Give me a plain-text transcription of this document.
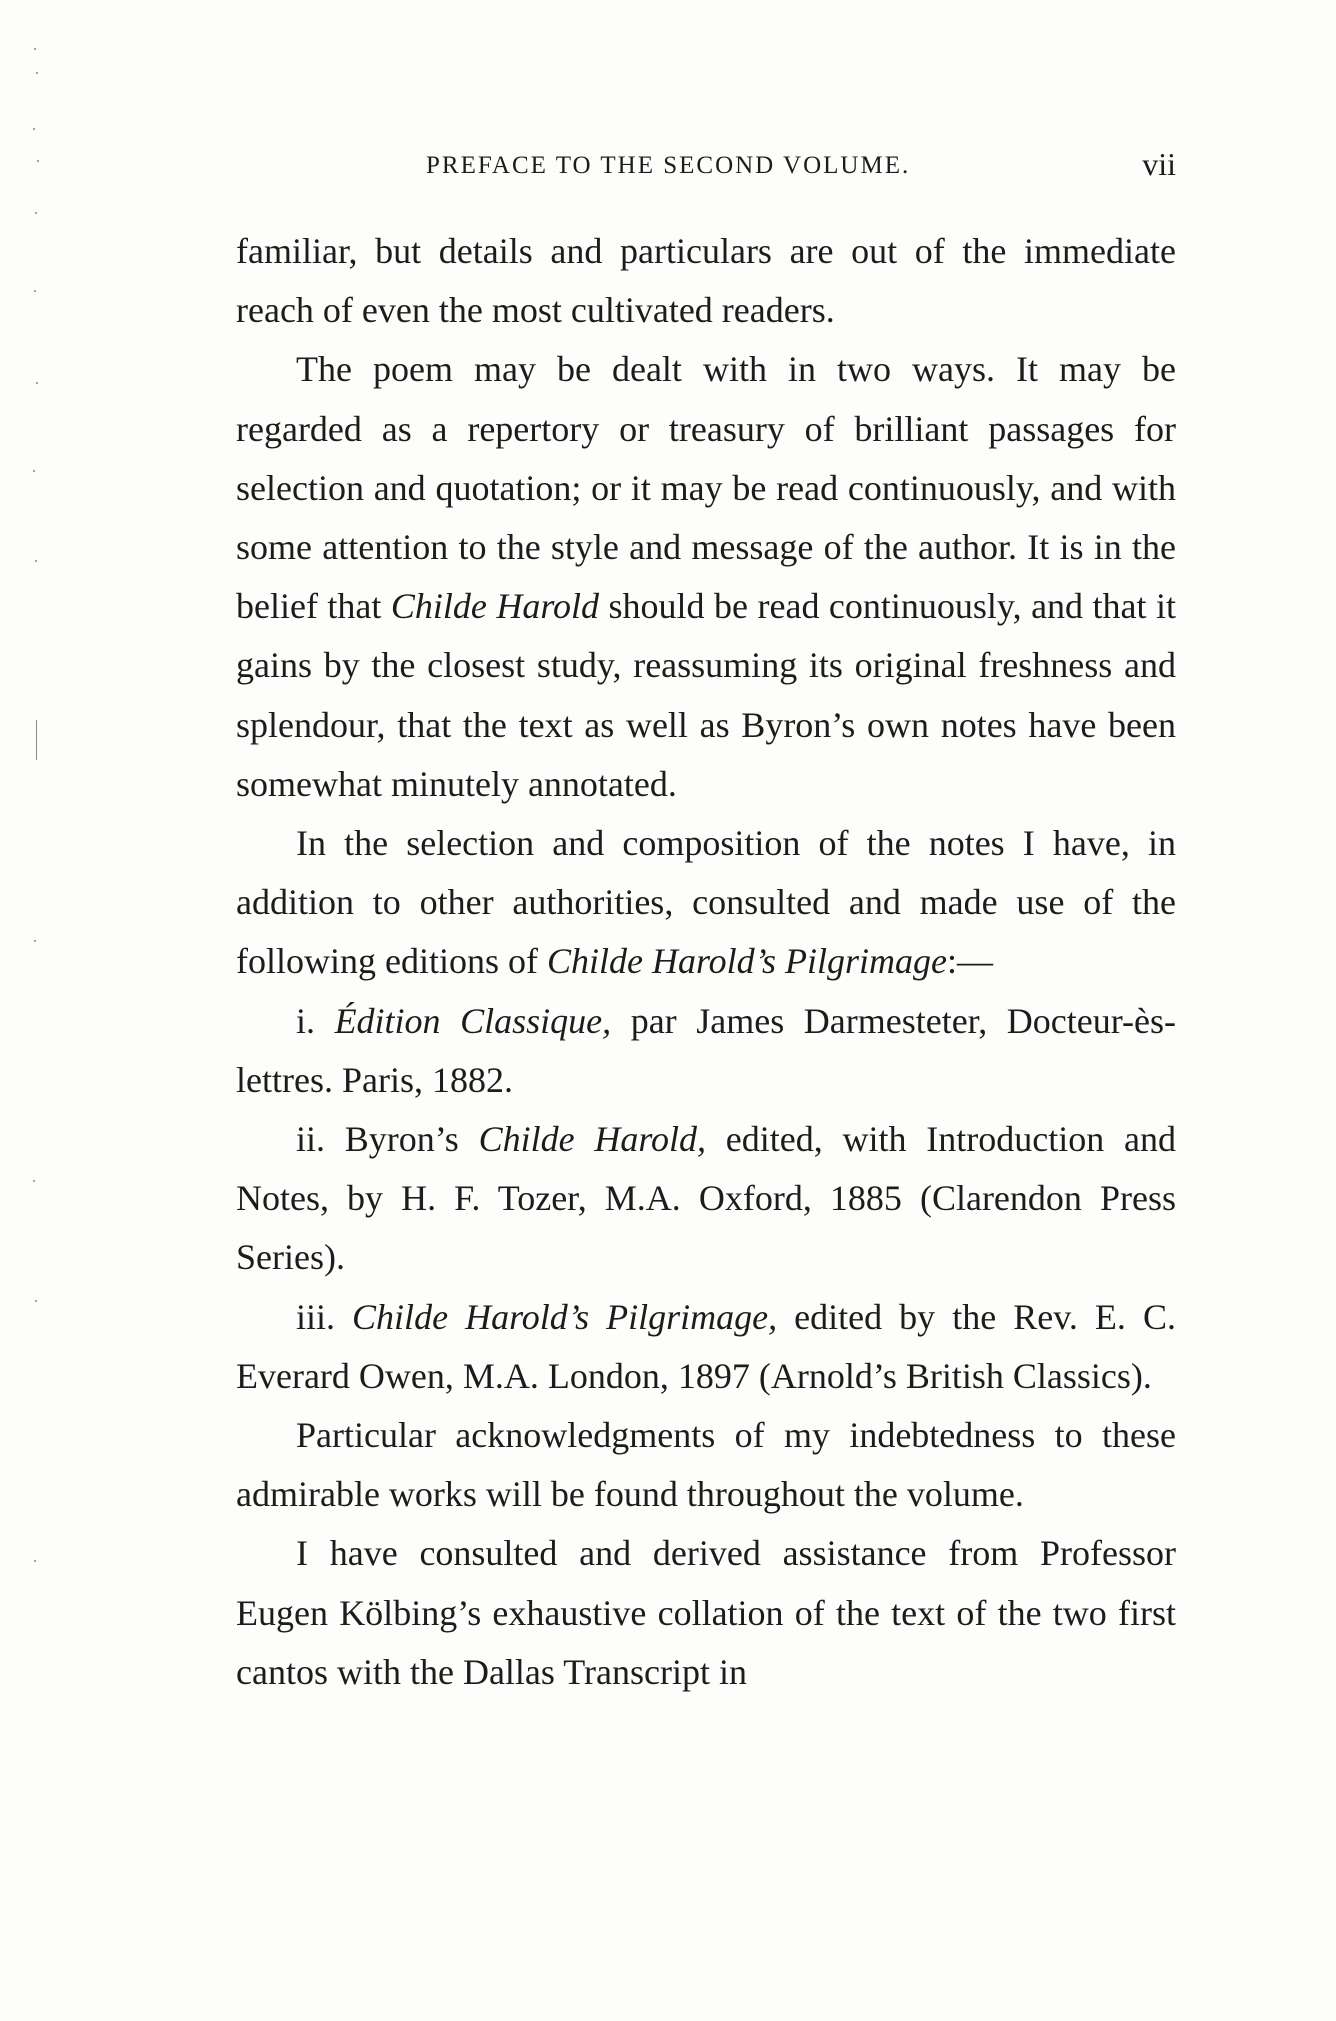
PREFACE TO THE SECOND VOLUME.	vii

familiar, but details and particulars are out of the immediate reach of even the most cultivated readers.

The poem may be dealt with in two ways. It may be regarded as a repertory or treasury of brilliant passages for selection and quotation; or it may be read continuously, and with some attention to the style and message of the author. It is in the belief that Childe Harold should be read continuously, and that it gains by the closest study, reassuming its original freshness and splendour, that the text as well as Byron’s own notes have been somewhat minutely annotated.

In the selection and composition of the notes I have, in addition to other authorities, consulted and made use of the following editions of Childe Harold’s Pilgrimage:—

i. Édition Classique, par James Darmesteter, Docteur-ès-lettres. Paris, 1882.

ii. Byron’s Childe Harold, edited, with Introduction and Notes, by H. F. Tozer, M.A. Oxford, 1885 (Clarendon Press Series).

iii. Childe Harold’s Pilgrimage, edited by the Rev. E. C. Everard Owen, M.A. London, 1897 (Arnold’s British Classics).

Particular acknowledgments of my indebtedness to these admirable works will be found throughout the volume.

I have consulted and derived assistance from Professor Eugen Kölbing’s exhaustive collation of the text of the two first cantos with the Dallas Transcript in
